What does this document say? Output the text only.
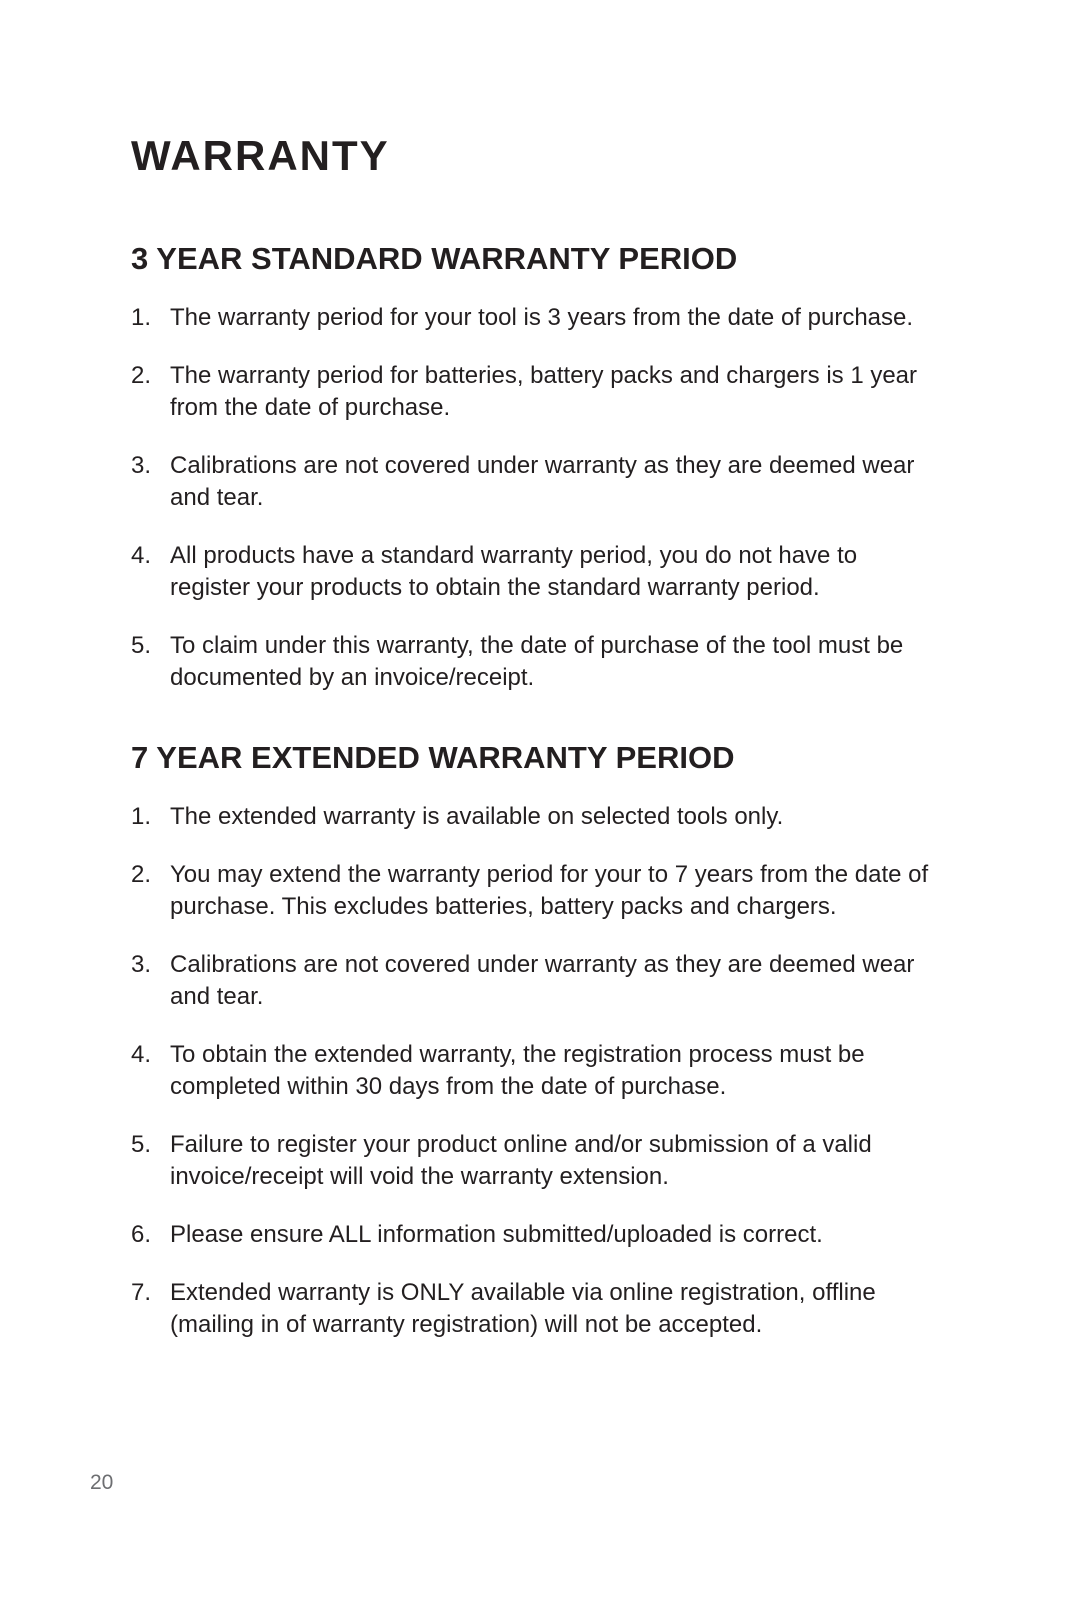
WARRANTY
3 YEAR STANDARD WARRANTY PERIOD
1. The warranty period for your tool is 3 years from the date of purchase.
2. The warranty period for batteries, battery packs and chargers is 1 year from the date of purchase.
3. Calibrations are not covered under warranty as they are deemed wear and tear.
4. All products have a standard warranty period, you do not have to register your products to obtain the standard warranty period.
5. To claim under this warranty, the date of purchase of the tool must be documented by an invoice/receipt.
7 YEAR EXTENDED WARRANTY PERIOD
1. The extended warranty is available on selected tools only.
2. You may extend the warranty period for your to 7 years from the date of purchase. This excludes batteries, battery packs and chargers.
3. Calibrations are not covered under warranty as they are deemed wear and tear.
4. To obtain the extended warranty, the registration process must be completed within 30 days from the date of purchase.
5. Failure to register your product online and/or submission of a valid invoice/receipt will void the warranty extension.
6. Please ensure ALL information submitted/uploaded is correct.
7. Extended warranty is ONLY available via online registration, offline (mailing in of warranty registration) will not be accepted.
20
